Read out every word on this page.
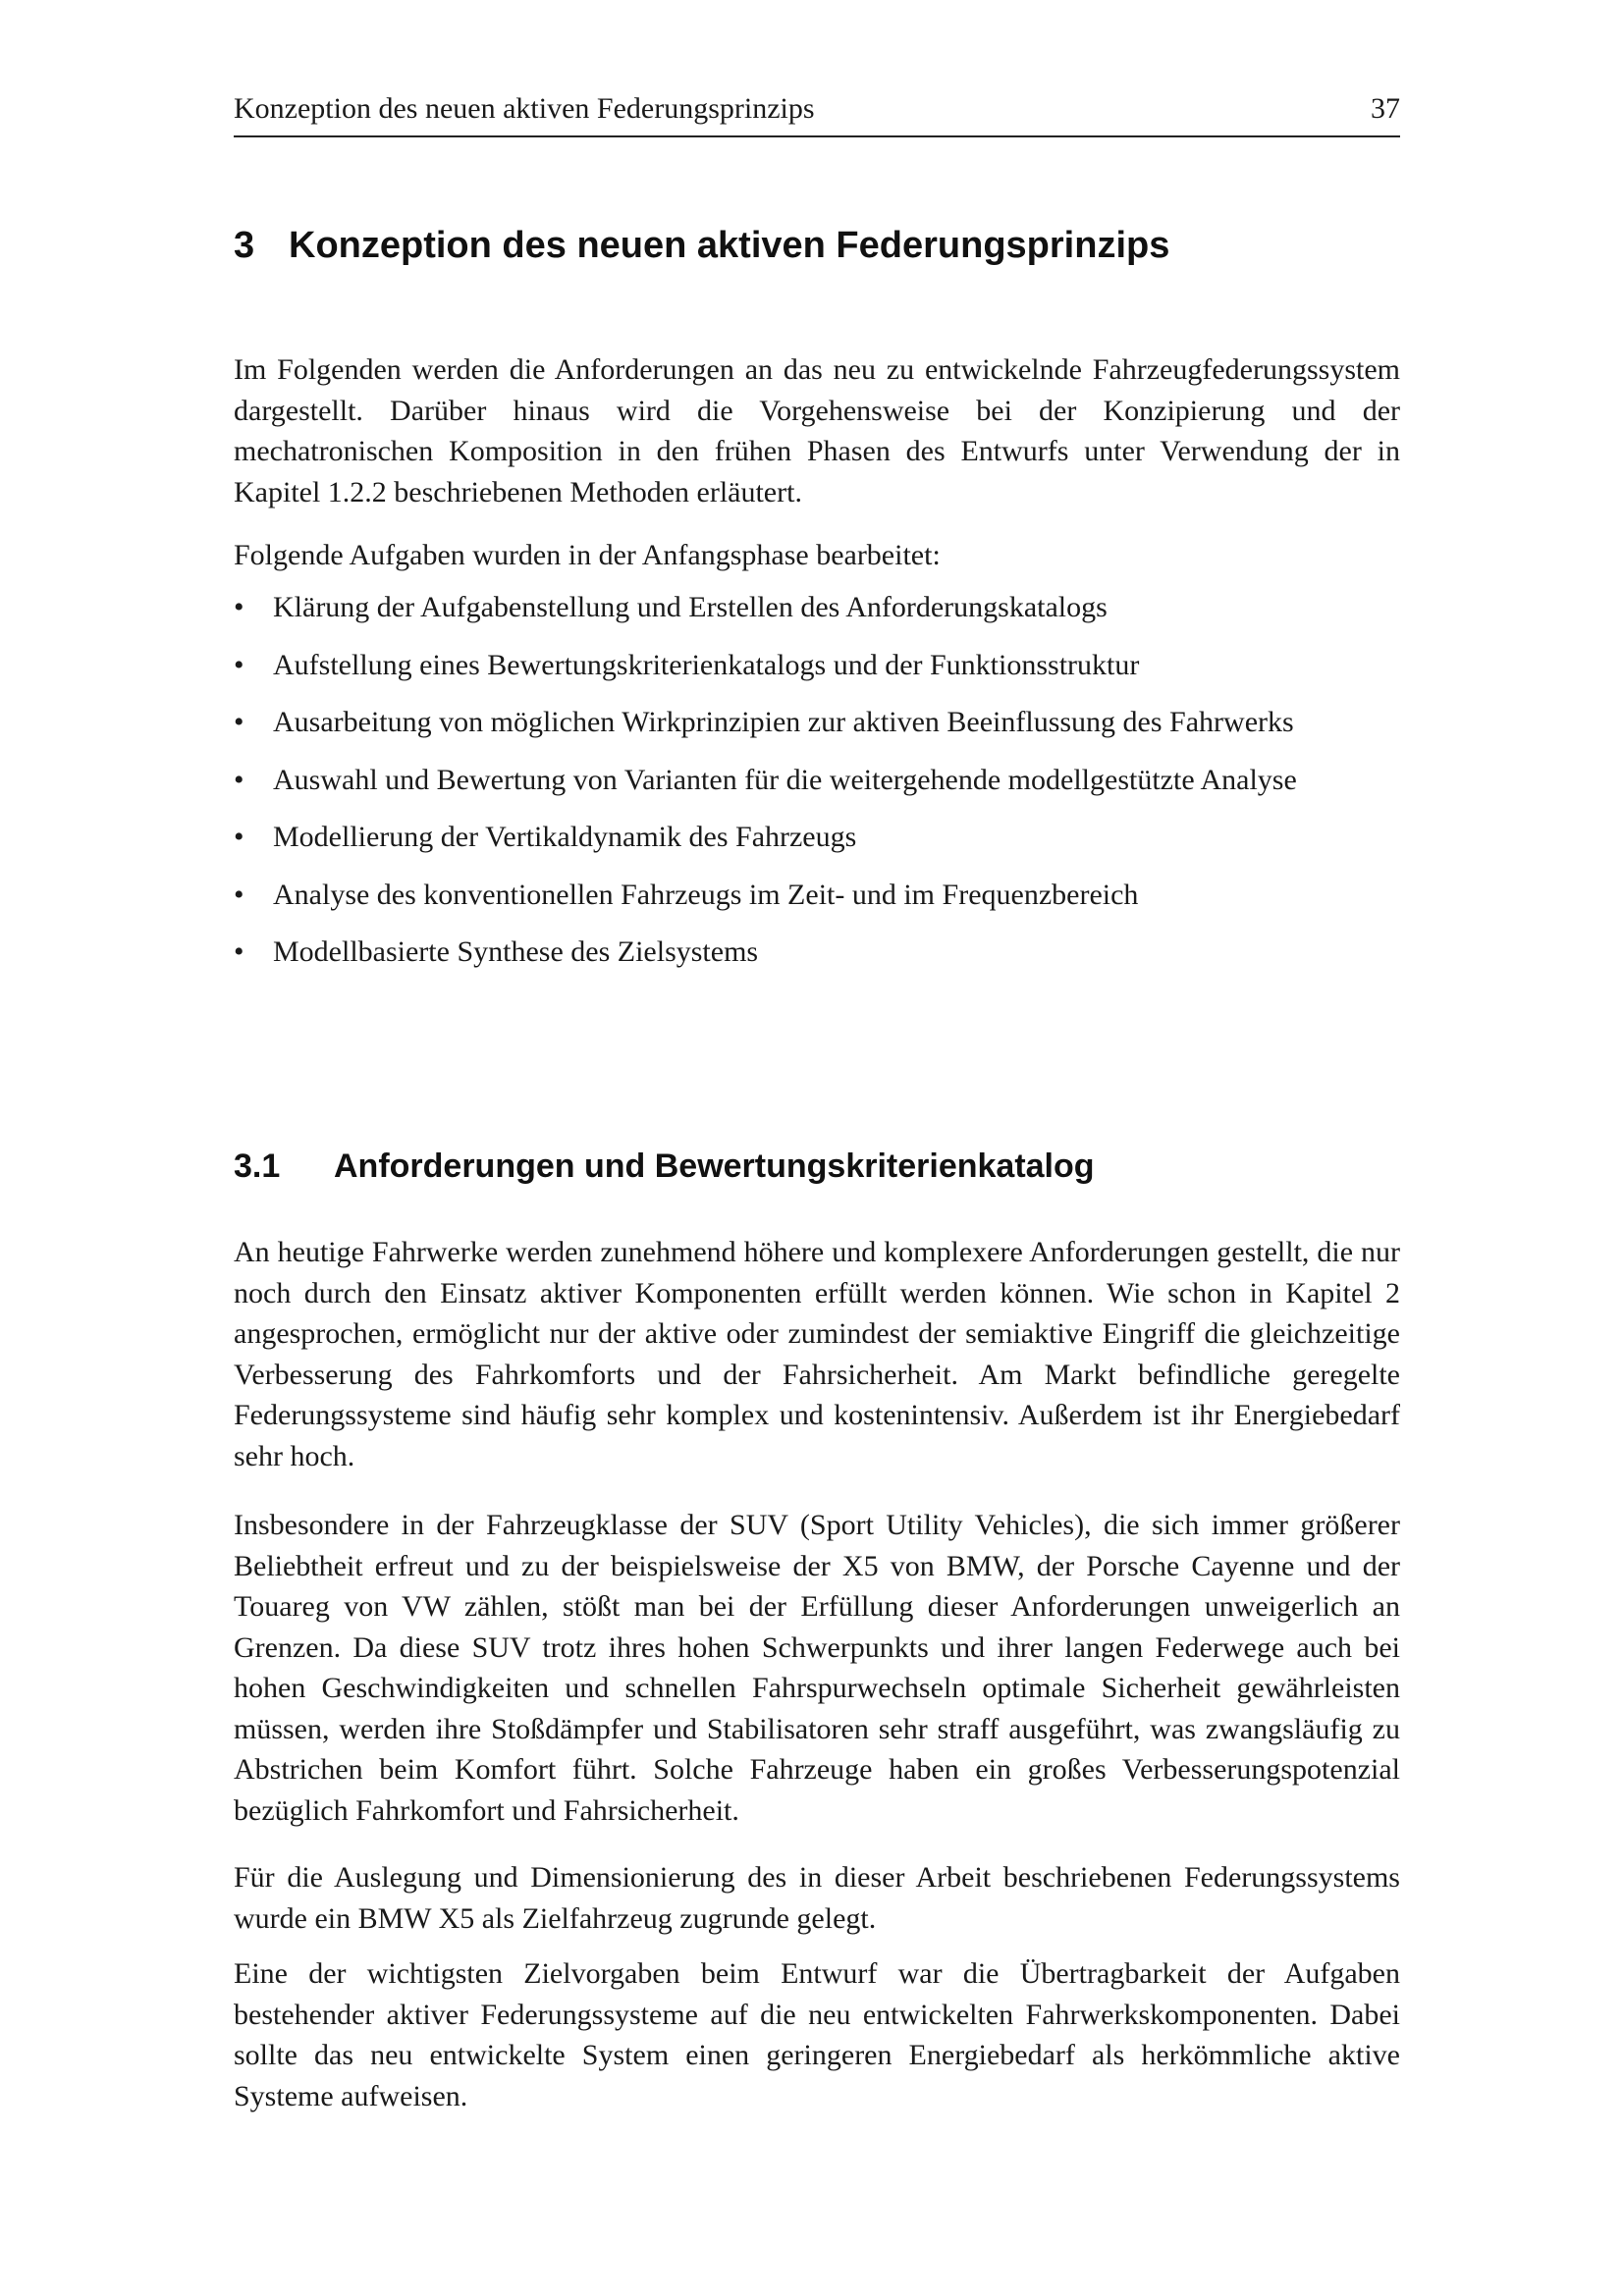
Konzeption des neuen aktiven Federungsprinzips	37
3 Konzeption des neuen aktiven Federungsprinzips

Im Folgenden werden die Anforderungen an das neu zu entwickelnde Fahrzeugfederungssystem dargestellt. Darüber hinaus wird die Vorgehensweise bei der Konzipierung und der mechatronischen Komposition in den frühen Phasen des Entwurfs unter Verwendung der in Kapitel 1.2.2 beschriebenen Methoden erläutert.

Folgende Aufgaben wurden in der Anfangsphase bearbeitet:

• Klärung der Aufgabenstellung und Erstellen des Anforderungskatalogs
• Aufstellung eines Bewertungskriterienkatalogs und der Funktionsstruktur
• Ausarbeitung von möglichen Wirkprinzipien zur aktiven Beeinflussung des Fahrwerks
• Auswahl und Bewertung von Varianten für die weitergehende modellgestützte Analyse
• Modellierung der Vertikaldynamik des Fahrzeugs
• Analyse des konventionellen Fahrzeugs im Zeit- und im Frequenzbereich
• Modellbasierte Synthese des Zielsystems
3.1 Anforderungen und Bewertungskriterienkatalog

An heutige Fahrwerke werden zunehmend höhere und komplexere Anforderungen gestellt, die nur noch durch den Einsatz aktiver Komponenten erfüllt werden können. Wie schon in Kapitel 2 angesprochen, ermöglicht nur der aktive oder zumindest der semiaktive Eingriff die gleichzeitige Verbesserung des Fahrkomforts und der Fahrsicherheit. Am Markt befindliche geregelte Federungssysteme sind häufig sehr komplex und kostenintensiv. Außerdem ist ihr Energiebedarf sehr hoch.

Insbesondere in der Fahrzeugklasse der SUV (Sport Utility Vehicles), die sich immer größerer Beliebtheit erfreut und zu der beispielsweise der X5 von BMW, der Porsche Cayenne und der Touareg von VW zählen, stößt man bei der Erfüllung dieser Anforderungen unweigerlich an Grenzen. Da diese SUV trotz ihres hohen Schwerpunkts und ihrer langen Federwege auch bei hohen Geschwindigkeiten und schnellen Fahrspurwechseln optimale Sicherheit gewährleisten müssen, werden ihre Stoßdämpfer und Stabilisatoren sehr straff ausgeführt, was zwangsläufig zu Abstrichen beim Komfort führt. Solche Fahrzeuge haben ein großes Verbesserungspotenzial bezüglich Fahrkomfort und Fahrsicherheit.

Für die Auslegung und Dimensionierung des in dieser Arbeit beschriebenen Federungssystems wurde ein BMW X5 als Zielfahrzeug zugrunde gelegt.

Eine der wichtigsten Zielvorgaben beim Entwurf war die Übertragbarkeit der Aufgaben bestehender aktiver Federungssysteme auf die neu entwickelten Fahrwerkskomponenten. Dabei sollte das neu entwickelte System einen geringeren Energiebedarf als herkömmliche aktive Systeme aufweisen.
